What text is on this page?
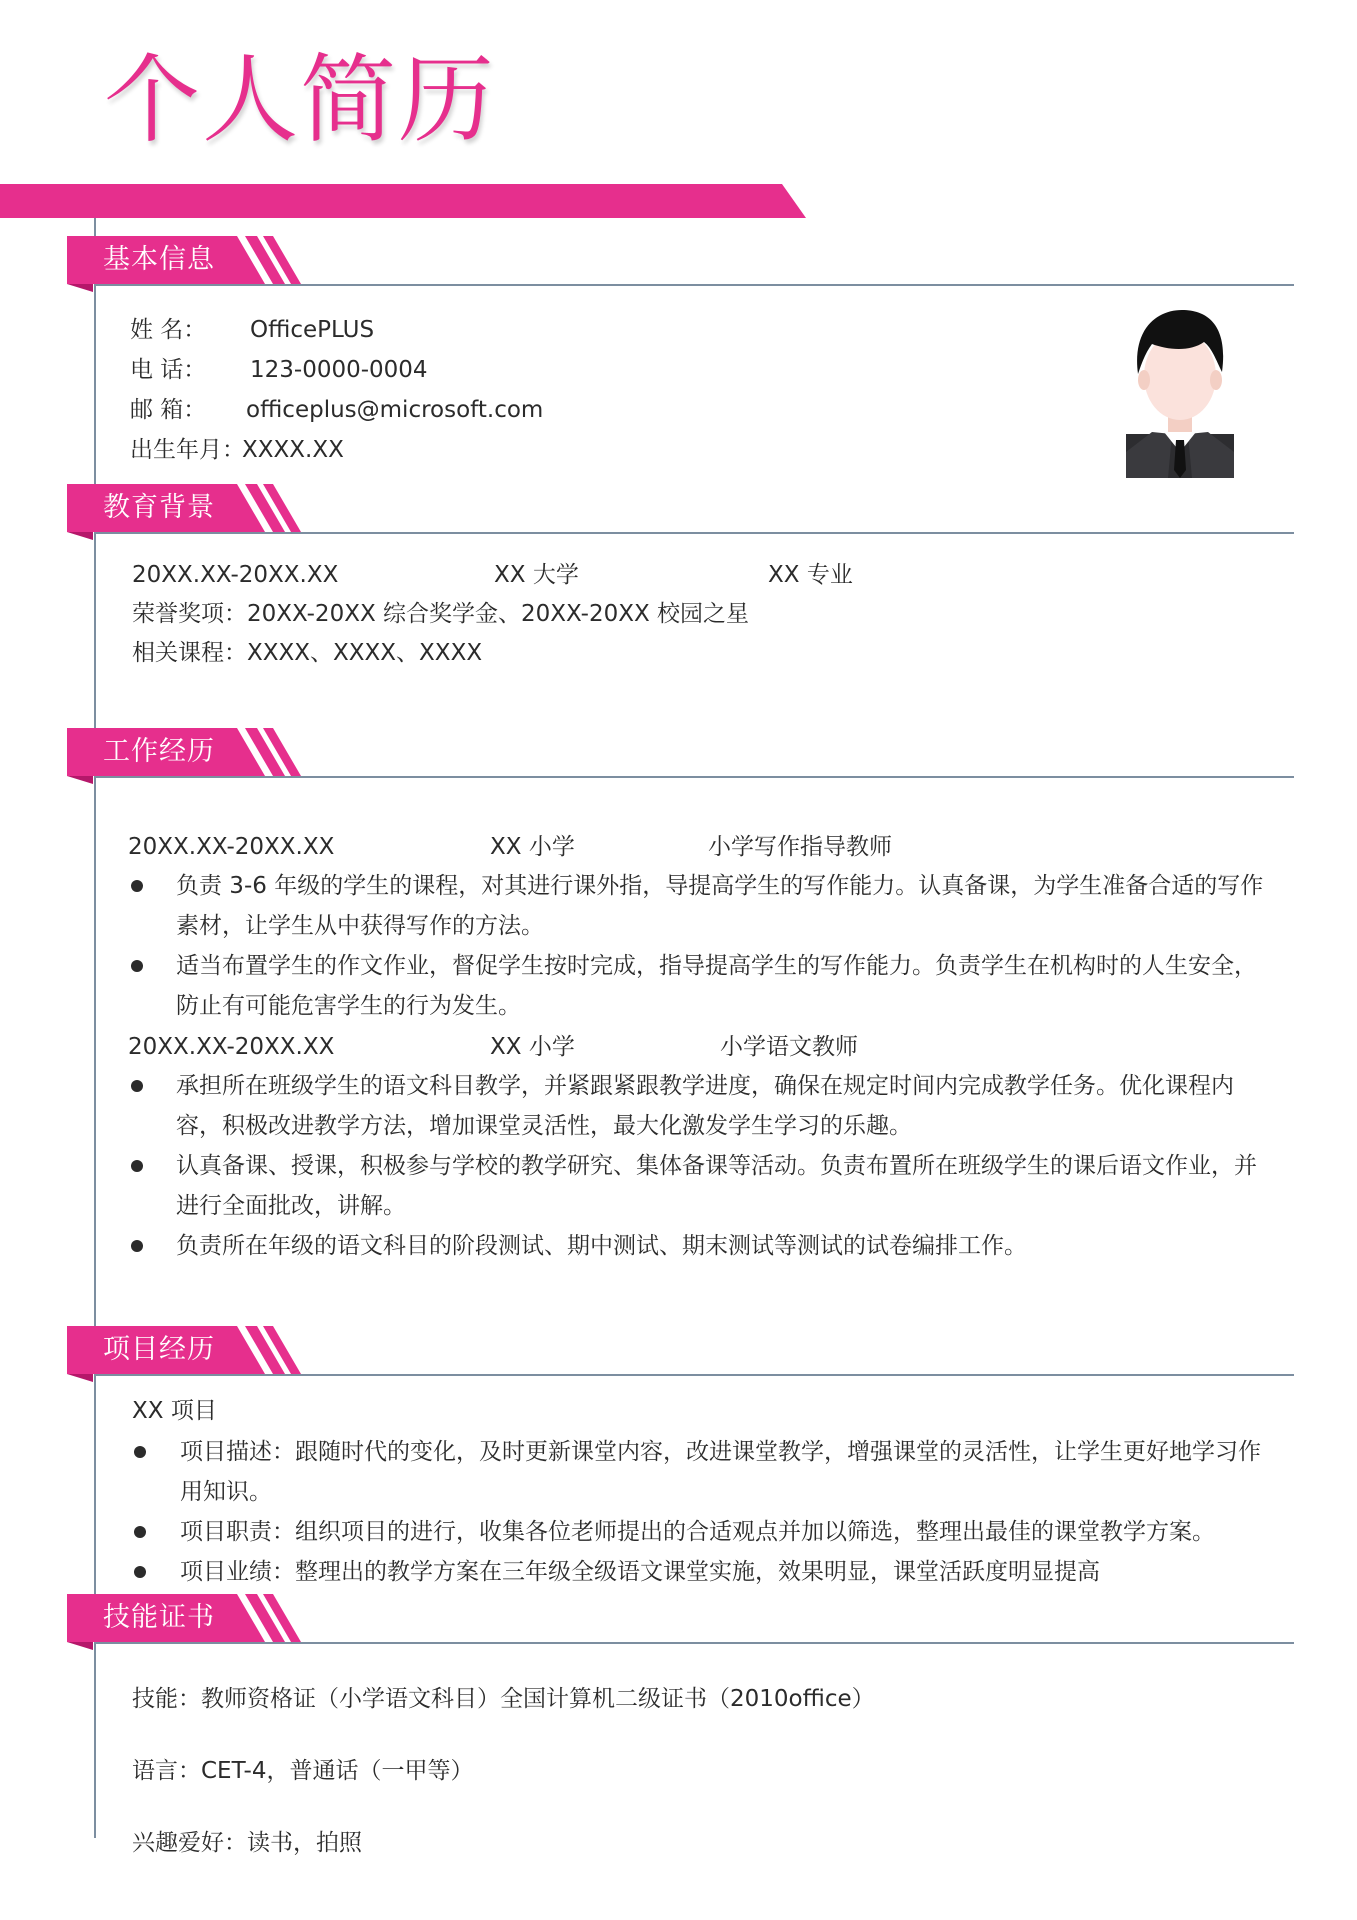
个人简历
基本信息
姓 名： OfficePLUS
电 话： 123-0000-0004
邮 箱： officeplus@microsoft.com
出生年月：
XXXX.XX
教育背景
20XX.XX-20XX.XX	XX 大学	XX 专业
荣誉奖项：20XX-20XX 综合奖学金、20XX-20XX 校园之星
相关课程：XXXX、XXXX、XXXX
工作经历
20XX.XX-20XX.XX	XX 小学	小学写作指导教师
负责 3-6 年级的学生的课程，对其进行课外指，导提高学生的写作能力。认真备课，为学生准备合适的写作素材，让学生从中获得写作的方法。
适当布置学生的作文作业，督促学生按时完成，指导提高学生的写作能力。负责学生在机构时的人生安全，防止有可能危害学生的行为发生。
20XX.XX-20XX.XX	XX 小学	小学语文教师
承担所在班级学生的语文科目教学，并紧跟紧跟教学进度，确保在规定时间内完成教学任务。优化课程内容，积极改进教学方法，增加课堂灵活性，最大化激发学生学习的乐趣。
认真备课、授课，积极参与学校的教学研究、集体备课等活动。负责布置所在班级学生的课后语文作业，并进行全面批改，讲解。
负责所在年级的语文科目的阶段测试、期中测试、期末测试等测试的试卷编排工作。
项目经历
XX 项目
项目描述：跟随时代的变化，及时更新课堂内容，改进课堂教学，增强课堂的灵活性，让学生更好地学习作用知识。
项目职责：组织项目的进行，收集各位老师提出的合适观点并加以筛选，整理出最佳的课堂教学方案。
项目业绩：整理出的教学方案在三年级全级语文课堂实施，效果明显，课堂活跃度明显提高
技能证书
技能：教师资格证（小学语文科目）全国计算机二级证书（2010office）
语言：CET-4，普通话（一甲等）
兴趣爱好：读书，拍照
